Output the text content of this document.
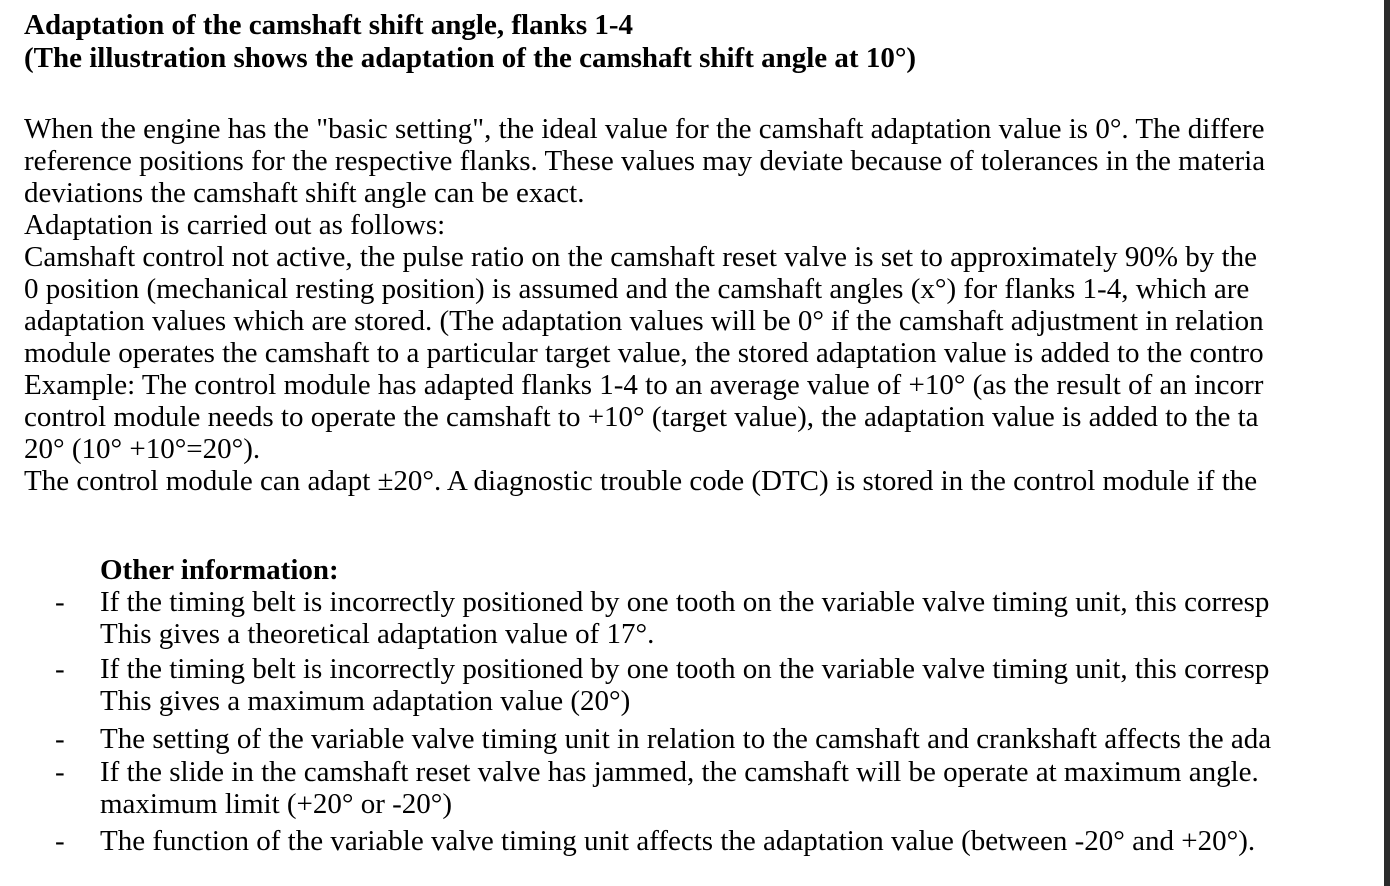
Adaptation of the camshaft shift angle, flanks 1-4
(The illustration shows the adaptation of the camshaft shift angle at 10°)
When the engine has the "basic setting", the ideal value for the camshaft adaptation value is 0°. The differe
reference positions for the respective flanks. These values may deviate because of tolerances in the materia
deviations the camshaft shift angle can be exact.
Adaptation is carried out as follows:
Camshaft control not active, the pulse ratio on the camshaft reset valve is set to approximately 90% by the
0 position (mechanical resting position) is assumed and the camshaft angles (x°) for flanks 1-4, which are
adaptation values which are stored. (The adaptation values will be 0° if the camshaft adjustment in relation
module operates the camshaft to a particular target value, the stored adaptation value is added to the contro
Example: The control module has adapted flanks 1-4 to an average value of +10° (as the result of an incorr
control module needs to operate the camshaft to +10° (target value), the adaptation value is added to the ta
20° (10° +10°=20°).
The control module can adapt ±20°. A diagnostic trouble code (DTC) is stored in the control module if the
Other information:
- If the timing belt is incorrectly positioned by one tooth on the variable valve timing unit, this corresp
This gives a theoretical adaptation value of 17°.
- If the timing belt is incorrectly positioned by one tooth on the variable valve timing unit, this corresp
This gives a maximum adaptation value (20°)
- The setting of the variable valve timing unit in relation to the camshaft and crankshaft affects the ada
- If the slide in the camshaft reset valve has jammed, the camshaft will be operate at maximum angle.
maximum limit (+20° or -20°)
- The function of the variable valve timing unit affects the adaptation value (between -20° and +20°).
